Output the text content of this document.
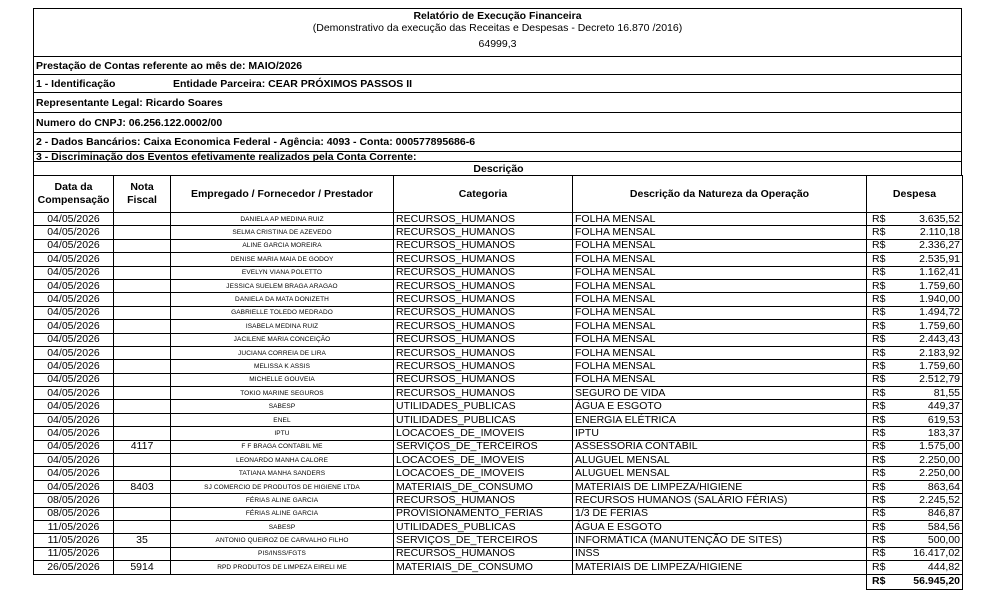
Relatório de Execução Financeira
(Demonstrativo da execução das Receitas e Despesas - Decreto 16.870 /2016)
64999,3
Prestação de Contas referente ao mês de: MAIO/2026
1 - Identificação	Entidade Parceira: CEAR PRÓXIMOS PASSOS II
Representante Legal: Ricardo Soares
Numero do CNPJ: 06.256.122.0002/00
2 - Dados Bancários: Caixa Economica Federal - Agência: 4093 - Conta: 000577895686-6
3 - Discriminação dos Eventos efetivamente realizados pela Conta Corrente:
Descrição
Data da Compensação	Nota Fiscal	Empregado / Fornecedor / Prestador	Categoria	Descrição da Natureza da Operação	Despesa	
04/05/2026		DANIELA AP MEDINA RUIZ	RECURSOS_HUMANOS	FOLHA MENSAL	R$	3.635,52
04/05/2026		SELMA CRISTINA DE AZEVEDO	RECURSOS_HUMANOS	FOLHA MENSAL	R$	2.110,18
04/05/2026		ALINE GARCIA MOREIRA	RECURSOS_HUMANOS	FOLHA MENSAL	R$	2.336,27
04/05/2026		DENISE MARIA MAIA DE GODOY	RECURSOS_HUMANOS	FOLHA MENSAL	R$	2.535,91
04/05/2026		EVELYN VIANA POLETTO	RECURSOS_HUMANOS	FOLHA MENSAL	R$	1.162,41
04/05/2026		JESSICA SUELEM BRAGA ARAGAO	RECURSOS_HUMANOS	FOLHA MENSAL	R$	1.759,60
04/05/2026		DANIELA DA MATA DONIZETH	RECURSOS_HUMANOS	FOLHA MENSAL	R$	1.940,00
04/05/2026		GABRIELLE TOLEDO MEDRADO	RECURSOS_HUMANOS	FOLHA MENSAL	R$	1.494,72
04/05/2026		ISABELA MEDINA RUIZ	RECURSOS_HUMANOS	FOLHA MENSAL	R$	1.759,60
04/05/2026		JACILENE MARIA CONCEIÇÃO	RECURSOS_HUMANOS	FOLHA MENSAL	R$	2.443,43
04/05/2026		JUCIANA CORREIA DE LIRA	RECURSOS_HUMANOS	FOLHA MENSAL	R$	2.183,92
04/05/2026		MELISSA K ASSIS	RECURSOS_HUMANOS	FOLHA MENSAL	R$	1.759,60
04/05/2026		MICHELLE GOUVEIA	RECURSOS_HUMANOS	FOLHA MENSAL	R$	2.512,79
04/05/2026		TOKIO MARINE SEGUROS	RECURSOS_HUMANOS	SEGURO DE VIDA	R$	81,55
04/05/2026		SABESP	UTILIDADES_PUBLICAS	ÁGUA E ESGOTO	R$	449,37
04/05/2026		ENEL	UTILIDADES_PUBLICAS	ENERGIA ELÉTRICA	R$	619,53
04/05/2026		IPTU	LOCACOES_DE_IMOVEIS	IPTU	R$	183,37
04/05/2026	4117	F F BRAGA CONTABIL ME	SERVIÇOS_DE_TERCEIROS	ASSESSORIA CONTÁBIL	R$	1.575,00
04/05/2026		LEONARDO MANHA CALORE	LOCACOES_DE_IMOVEIS	ALUGUEL MENSAL	R$	2.250,00
04/05/2026		TATIANA MANHA SANDERS	LOCACOES_DE_IMOVEIS	ALUGUEL MENSAL	R$	2.250,00
04/05/2026	8403	SJ COMERCIO DE PRODUTOS DE HIGIENE LTDA	MATERIAIS_DE_CONSUMO	MATERIAIS DE LIMPEZA/HIGIENE	R$	863,64
08/05/2026		FÉRIAS ALINE GARCIA	RECURSOS_HUMANOS	RECURSOS HUMANOS (SALÁRIO FÉRIAS)	R$	2.245,52
08/05/2026		FÉRIAS ALINE GARCIA	PROVISIONAMENTO_FERIAS	1/3 DE FÉRIAS	R$	846,87
11/05/2026		SABESP	UTILIDADES_PUBLICAS	ÁGUA E ESGOTO	R$	584,56
11/05/2026	35	ANTONIO QUEIROZ DE CARVALHO FILHO	SERVIÇOS_DE_TERCEIROS	INFORMÁTICA (MANUTENÇÃO DE SITES)	R$	500,00
11/05/2026		PIS/INSS/FGTS	RECURSOS_HUMANOS	INSS	R$	16.417,02
26/05/2026	5914	RPD PRODUTOS DE LIMPEZA EIRELI ME	MATERIAIS_DE_CONSUMO	MATERIAIS DE LIMPEZA/HIGIENE	R$	444,82
					R$	56.945,20
